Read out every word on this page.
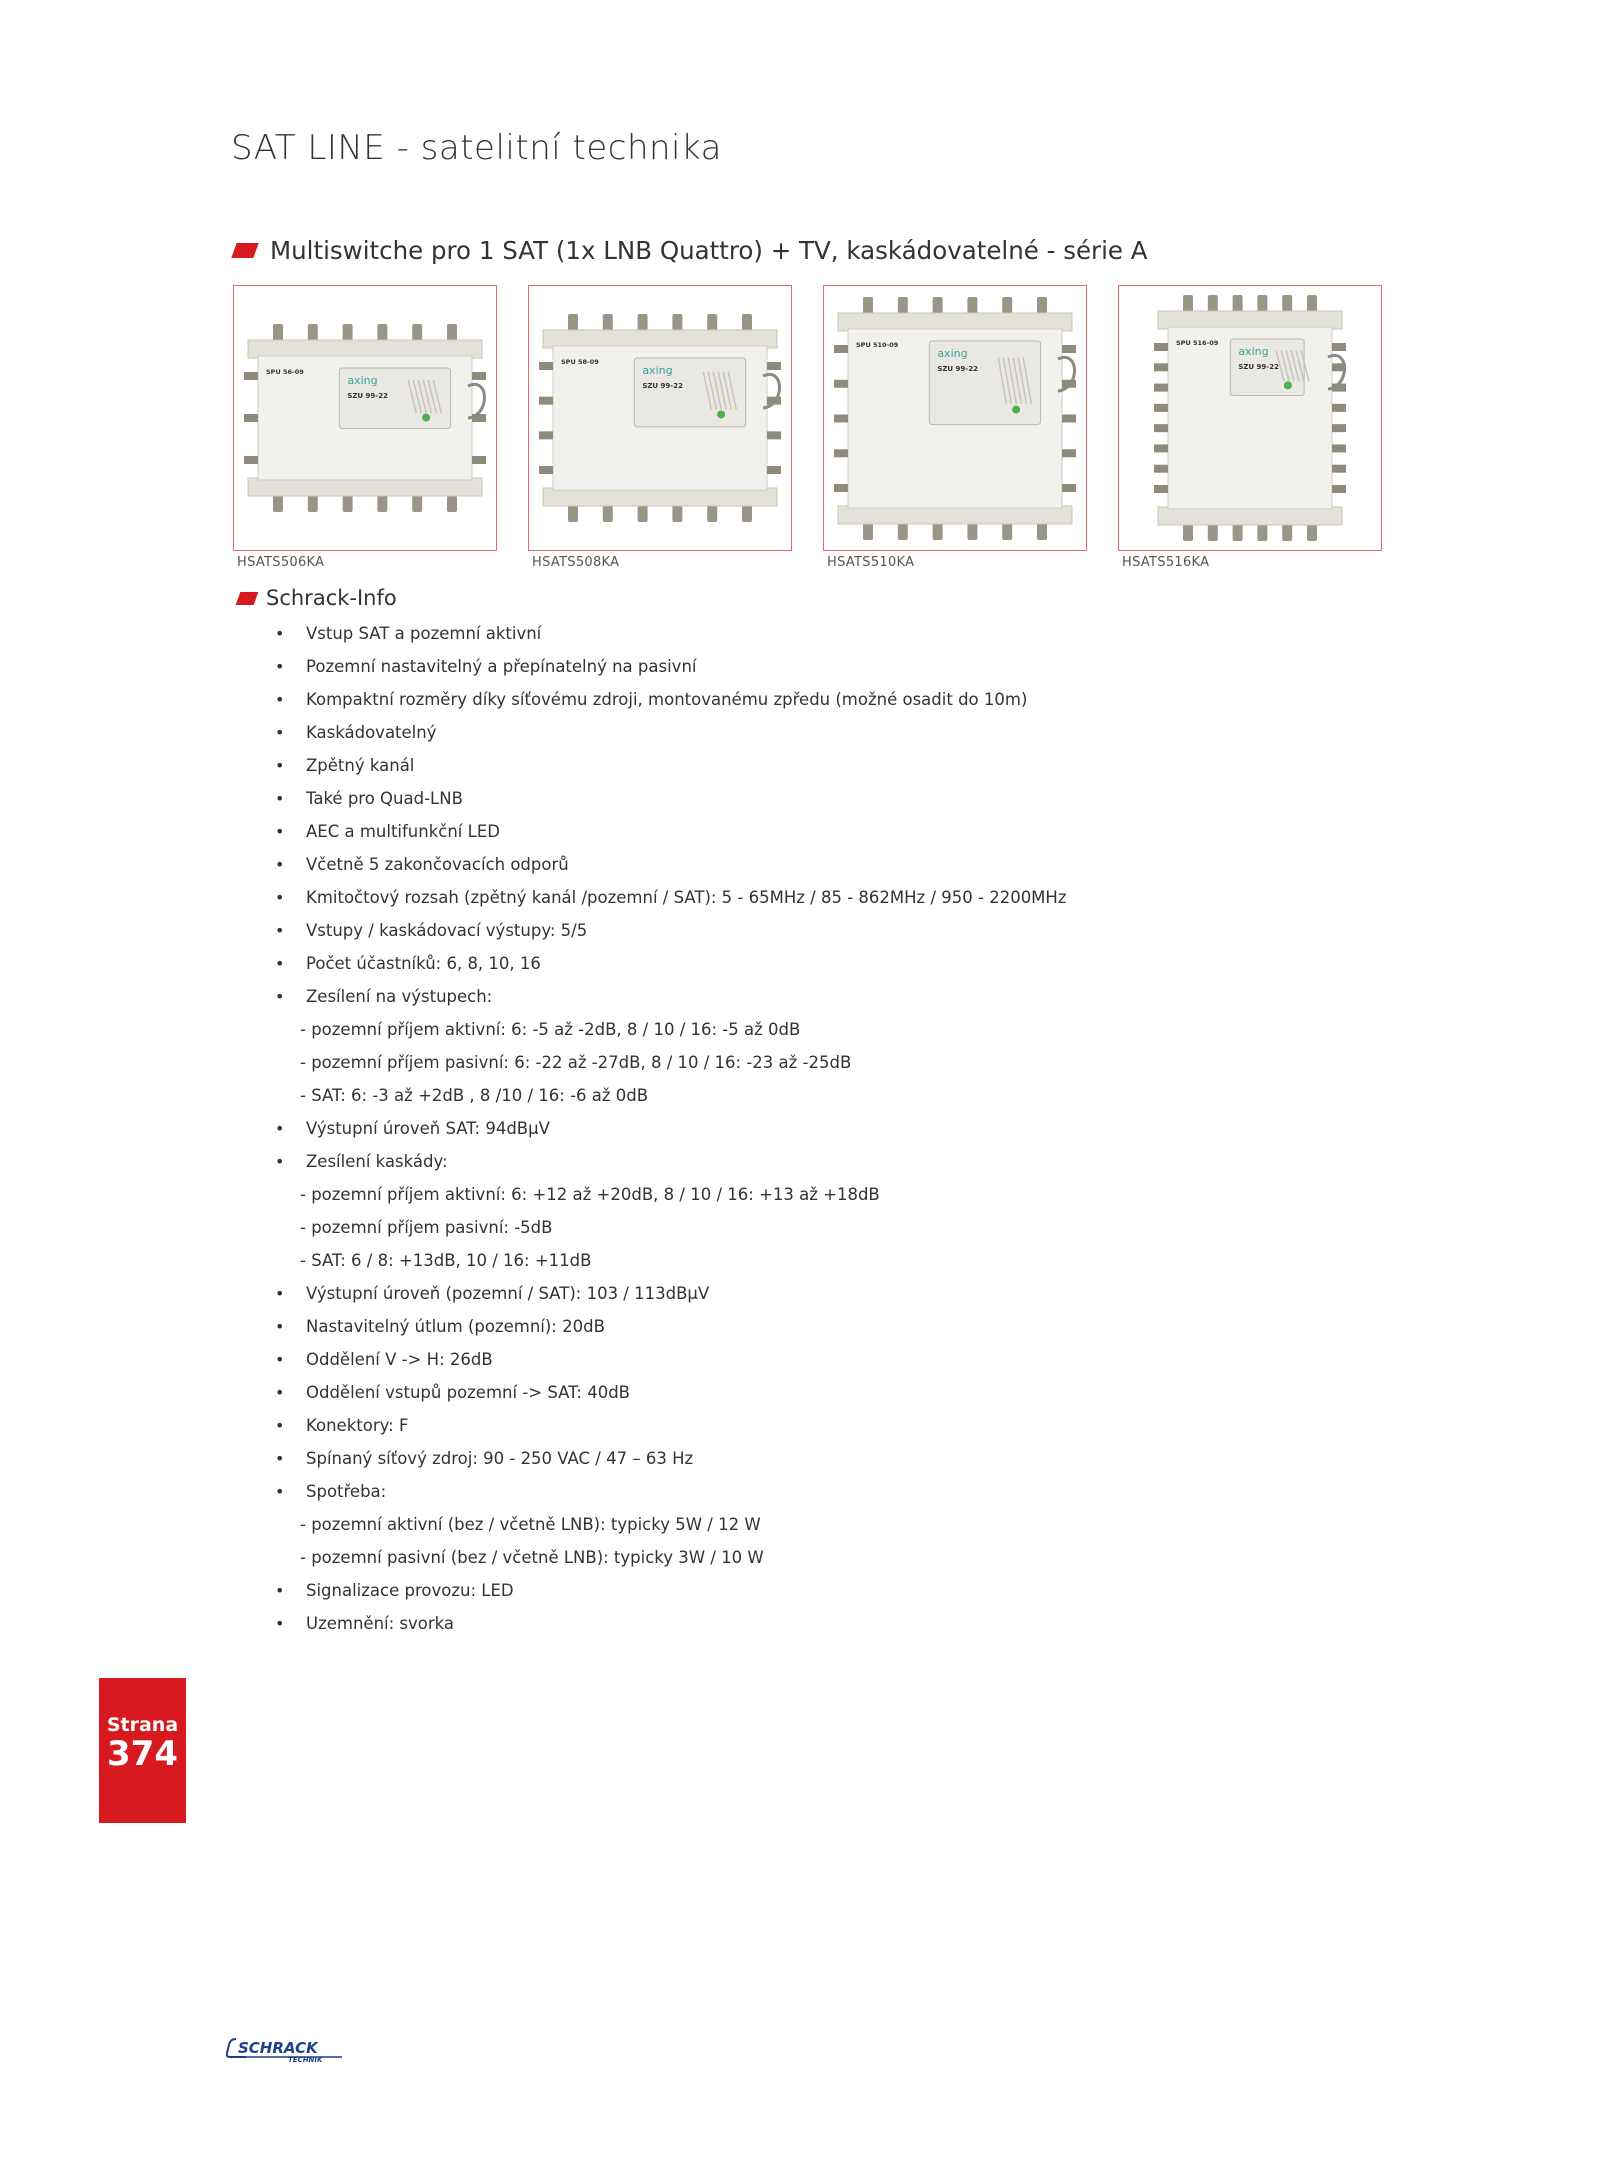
SAT LINE - satelitní technika
Multiswitche pro 1 SAT (1x LNB Quattro) + TV, kaskádovatelné - série A
axing
SZU 99-22
SPU 56-09
HSATS506KA
axing
SZU 99-22
SPU 58-09
HSATS508KA
axing
SZU 99-22
SPU 510-09
HSATS510KA
axing
SZU 99-22
SPU 516-09
HSATS516KA
Schrack-Info
• Vstup SAT a pozemní aktivní
• Pozemní nastavitelný a přepínatelný na pasivní
• Kompaktní rozměry díky síťovému zdroji, montovanému zpředu (možné osadit do 10m)
• Kaskádovatelný
• Zpětný kanál
• Také pro Quad-LNB
• AEC a multifunkční LED
• Včetně 5 zakončovacích odporů
• Kmitočtový rozsah (zpětný kanál /pozemní / SAT): 5 - 65MHz / 85 - 862MHz / 950 - 2200MHz
• Vstupy / kaskádovací výstupy: 5/5
• Počet účastníků: 6, 8, 10, 16
• Zesílení na výstupech:
- pozemní příjem aktivní: 6: -5 až -2dB, 8 / 10 / 16: -5 až 0dB
- pozemní příjem pasivní: 6: -22 až -27dB, 8 / 10 / 16: -23 až -25dB
- SAT: 6: -3 až +2dB , 8 /10 / 16: -6 až 0dB
• Výstupní úroveň SAT: 94dBµV
• Zesílení kaskády:
- pozemní příjem aktivní: 6: +12 až +20dB, 8 / 10 / 16: +13 až +18dB
- pozemní příjem pasivní: -5dB
- SAT: 6 / 8: +13dB, 10 / 16: +11dB
• Výstupní úroveň (pozemní / SAT): 103 / 113dBµV
• Nastavitelný útlum (pozemní): 20dB
• Oddělení V -> H: 26dB
• Oddělení vstupů pozemní -> SAT: 40dB
• Konektory: F
• Spínaný síťový zdroj: 90 - 250 VAC / 47 – 63 Hz
• Spotřeba:
- pozemní aktivní (bez / včetně LNB): typicky 5W / 12 W
- pozemní pasivní (bez / včetně LNB): typicky 3W / 10 W
• Signalizace provozu: LED
• Uzemnění: svorka
Strana
374
SCHRACK
TECHNIK
